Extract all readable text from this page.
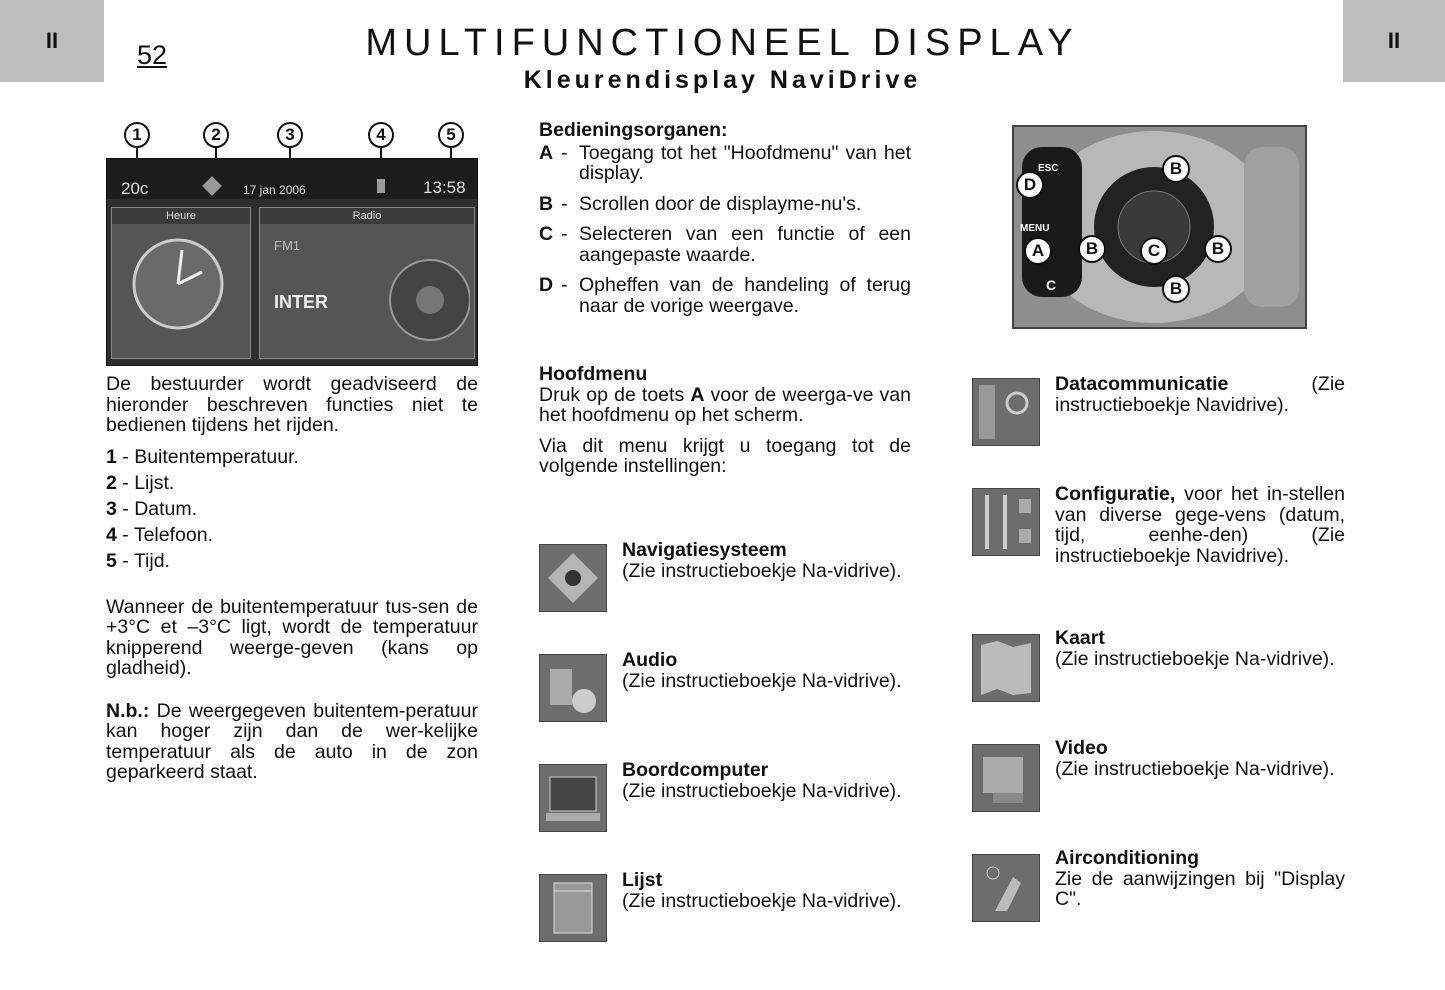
II	II
52	MULTIFUNCTIONEEL DISPLAY
Kleurendisplay NaviDrive
1	2	3	4	5
20c	17 jan 2006	13:58
Heure	Radio
FM1
INTER

De bestuurder wordt geadviseerd de hieronder beschreven functies niet te bedienen tijdens het rijden.

1 - Buitentemperatuur.
2 - Lijst.
3 - Datum.
4 - Telefoon.
5 - Tijd.

Wanneer de buitentemperatuur tus-sen de +3°C et –3°C ligt, wordt de temperatuur knipperend weerge-geven (kans op gladheid).

N.b.: De weergegeven buitentem-peratuur kan hoger zijn dan de wer-kelijke temperatuur als de auto in de zon geparkeerd staat.

Bedieningsorganen:
A - Toegang tot het "Hoofdmenu" van het display.
B - Scrollen door de displayme-nu's.
C - Selecteren van een functie of een aangepaste waarde.
D - Opheffen van de handeling of terug naar de vorige weergave.

Hoofdmenu

Druk op de toets A voor de weerga-ve van het hoofdmenu op het scherm.

Via dit menu krijgt u toegang tot de volgende instellingen:

Navigatiesysteem
(Zie instructieboekje Na-vidrive).
Audio
(Zie instructieboekje Na-vidrive).
Boordcomputer
(Zie instructieboekje Na-vidrive).
Lijst
(Zie instructieboekje Na-vidrive).
ESC
MENU
C
D
A
B
B	B
B
C
Datacommunicatie (Zie instructieboekje Navidrive).
Configuratie, voor het in-stellen van diverse gege-vens (datum, tijd, eenhe-den) (Zie instructieboekje Navidrive).
Kaart
(Zie instructieboekje Na-vidrive).
Video
(Zie instructieboekje Na-vidrive).
Airconditioning
Zie de aanwijzingen bij "Display C".
